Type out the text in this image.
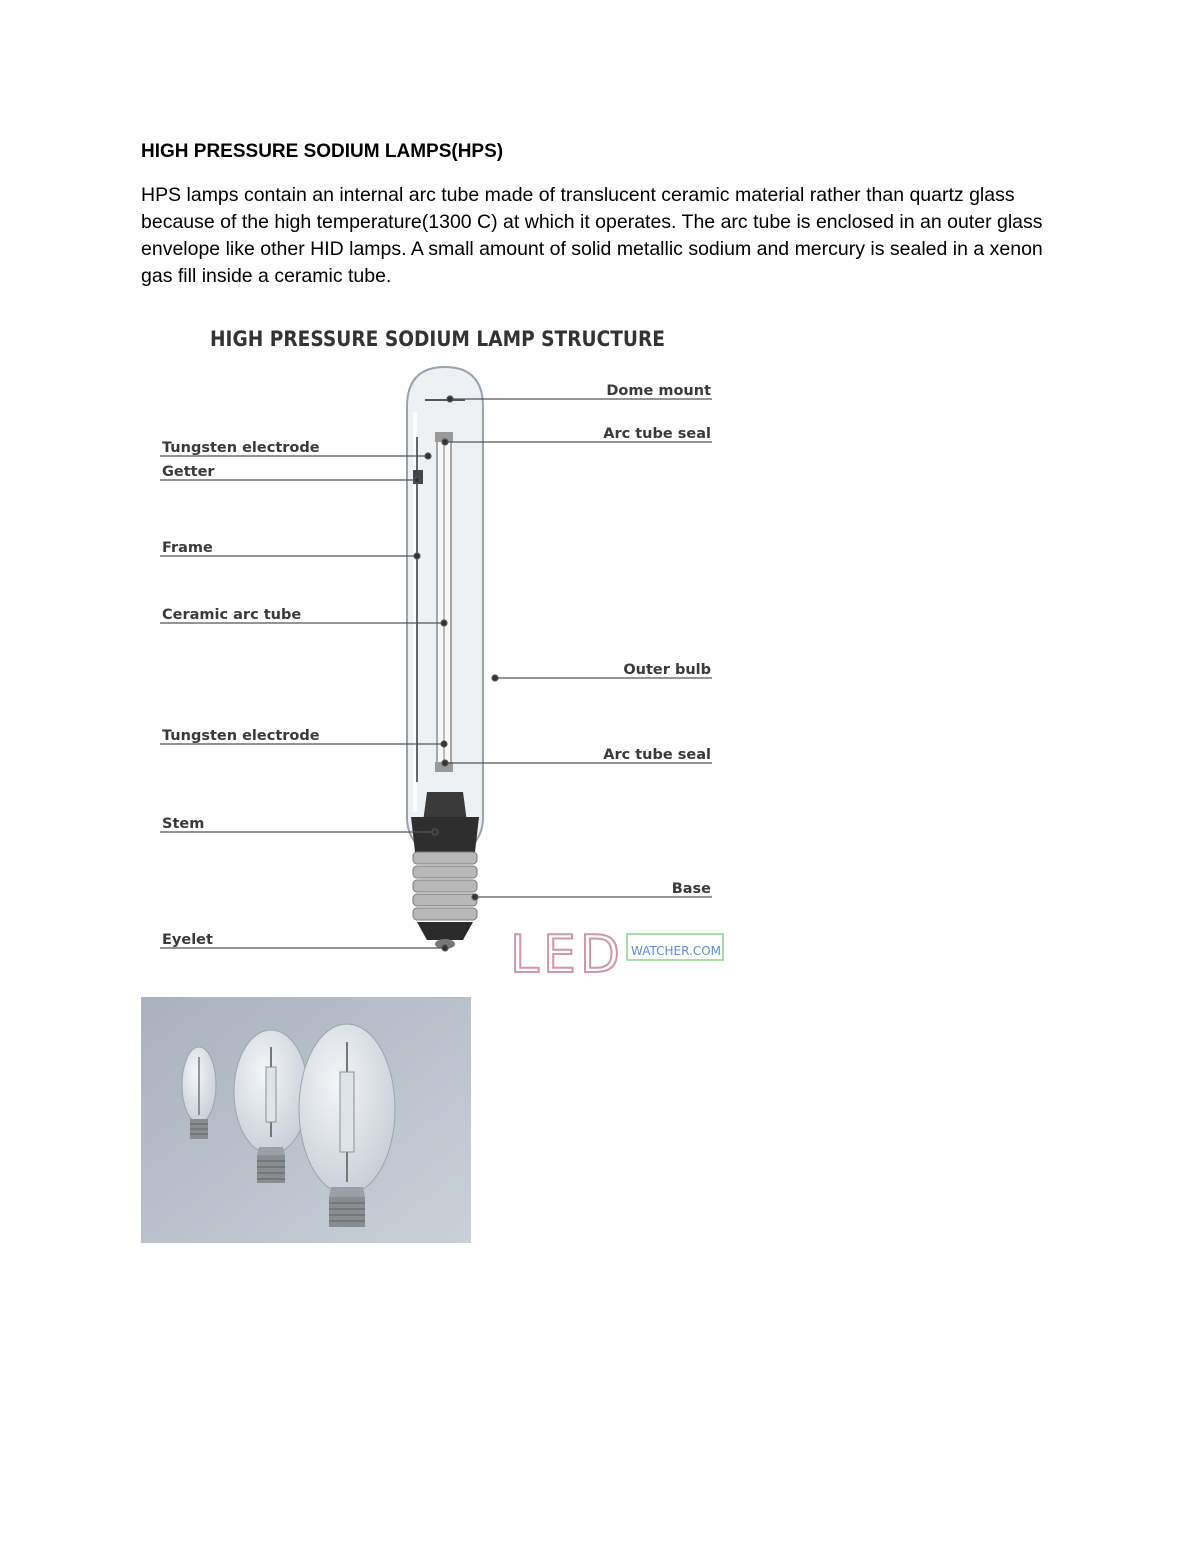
HIGH PRESSURE SODIUM LAMPS(HPS)

HPS lamps contain an internal arc tube made of translucent ceramic material rather than quartz glass because of the high temperature(1300 C) at which it operates. The arc tube is enclosed in an outer glass envelope like other HID lamps. A small amount of solid metallic sodium and mercury is sealed in a xenon gas fill inside a ceramic tube.

HIGH PRESSURE SODIUM LAMP STRUCTURE
Tungsten electrode
Getter
Frame
Ceramic arc tube
Tungsten electrode
Stem
Eyelet
Dome mount
Arc tube seal
Outer bulb
Arc tube seal
Base
LED WATCHER.COM
